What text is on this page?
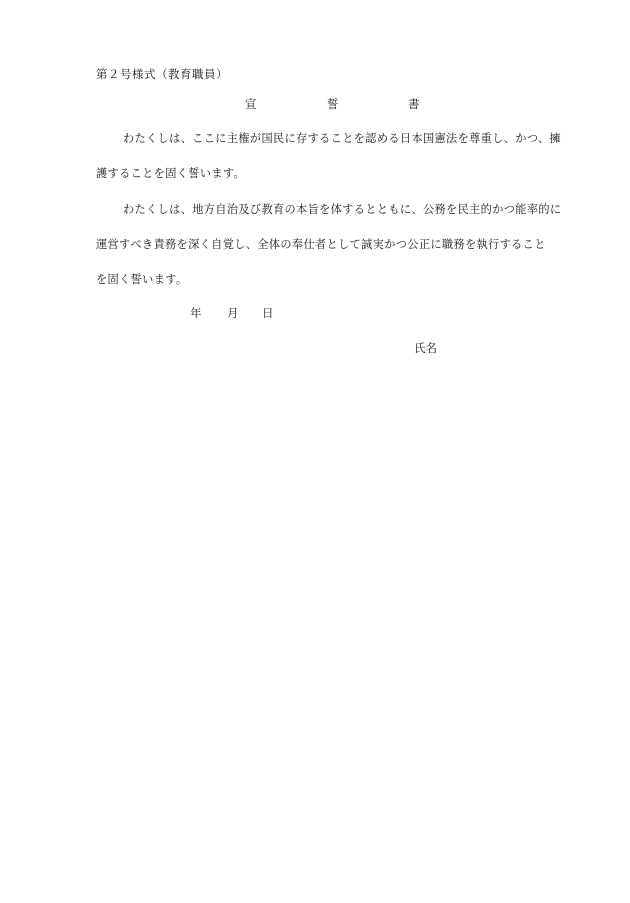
第２号様式（教育職員）
宣	誓	書
わたくしは、ここに主権が国民に存することを認める日本国憲法を尊重し、かつ、擁
護することを固く誓います。
わたくしは、地方自治及び教育の本旨を体するとともに、公務を民主的かつ能率的に
運営すべき責務を深く自覚し、全体の奉仕者として誠実かつ公正に職務を執行すること
を固く誓います。
年 月 日
氏名
